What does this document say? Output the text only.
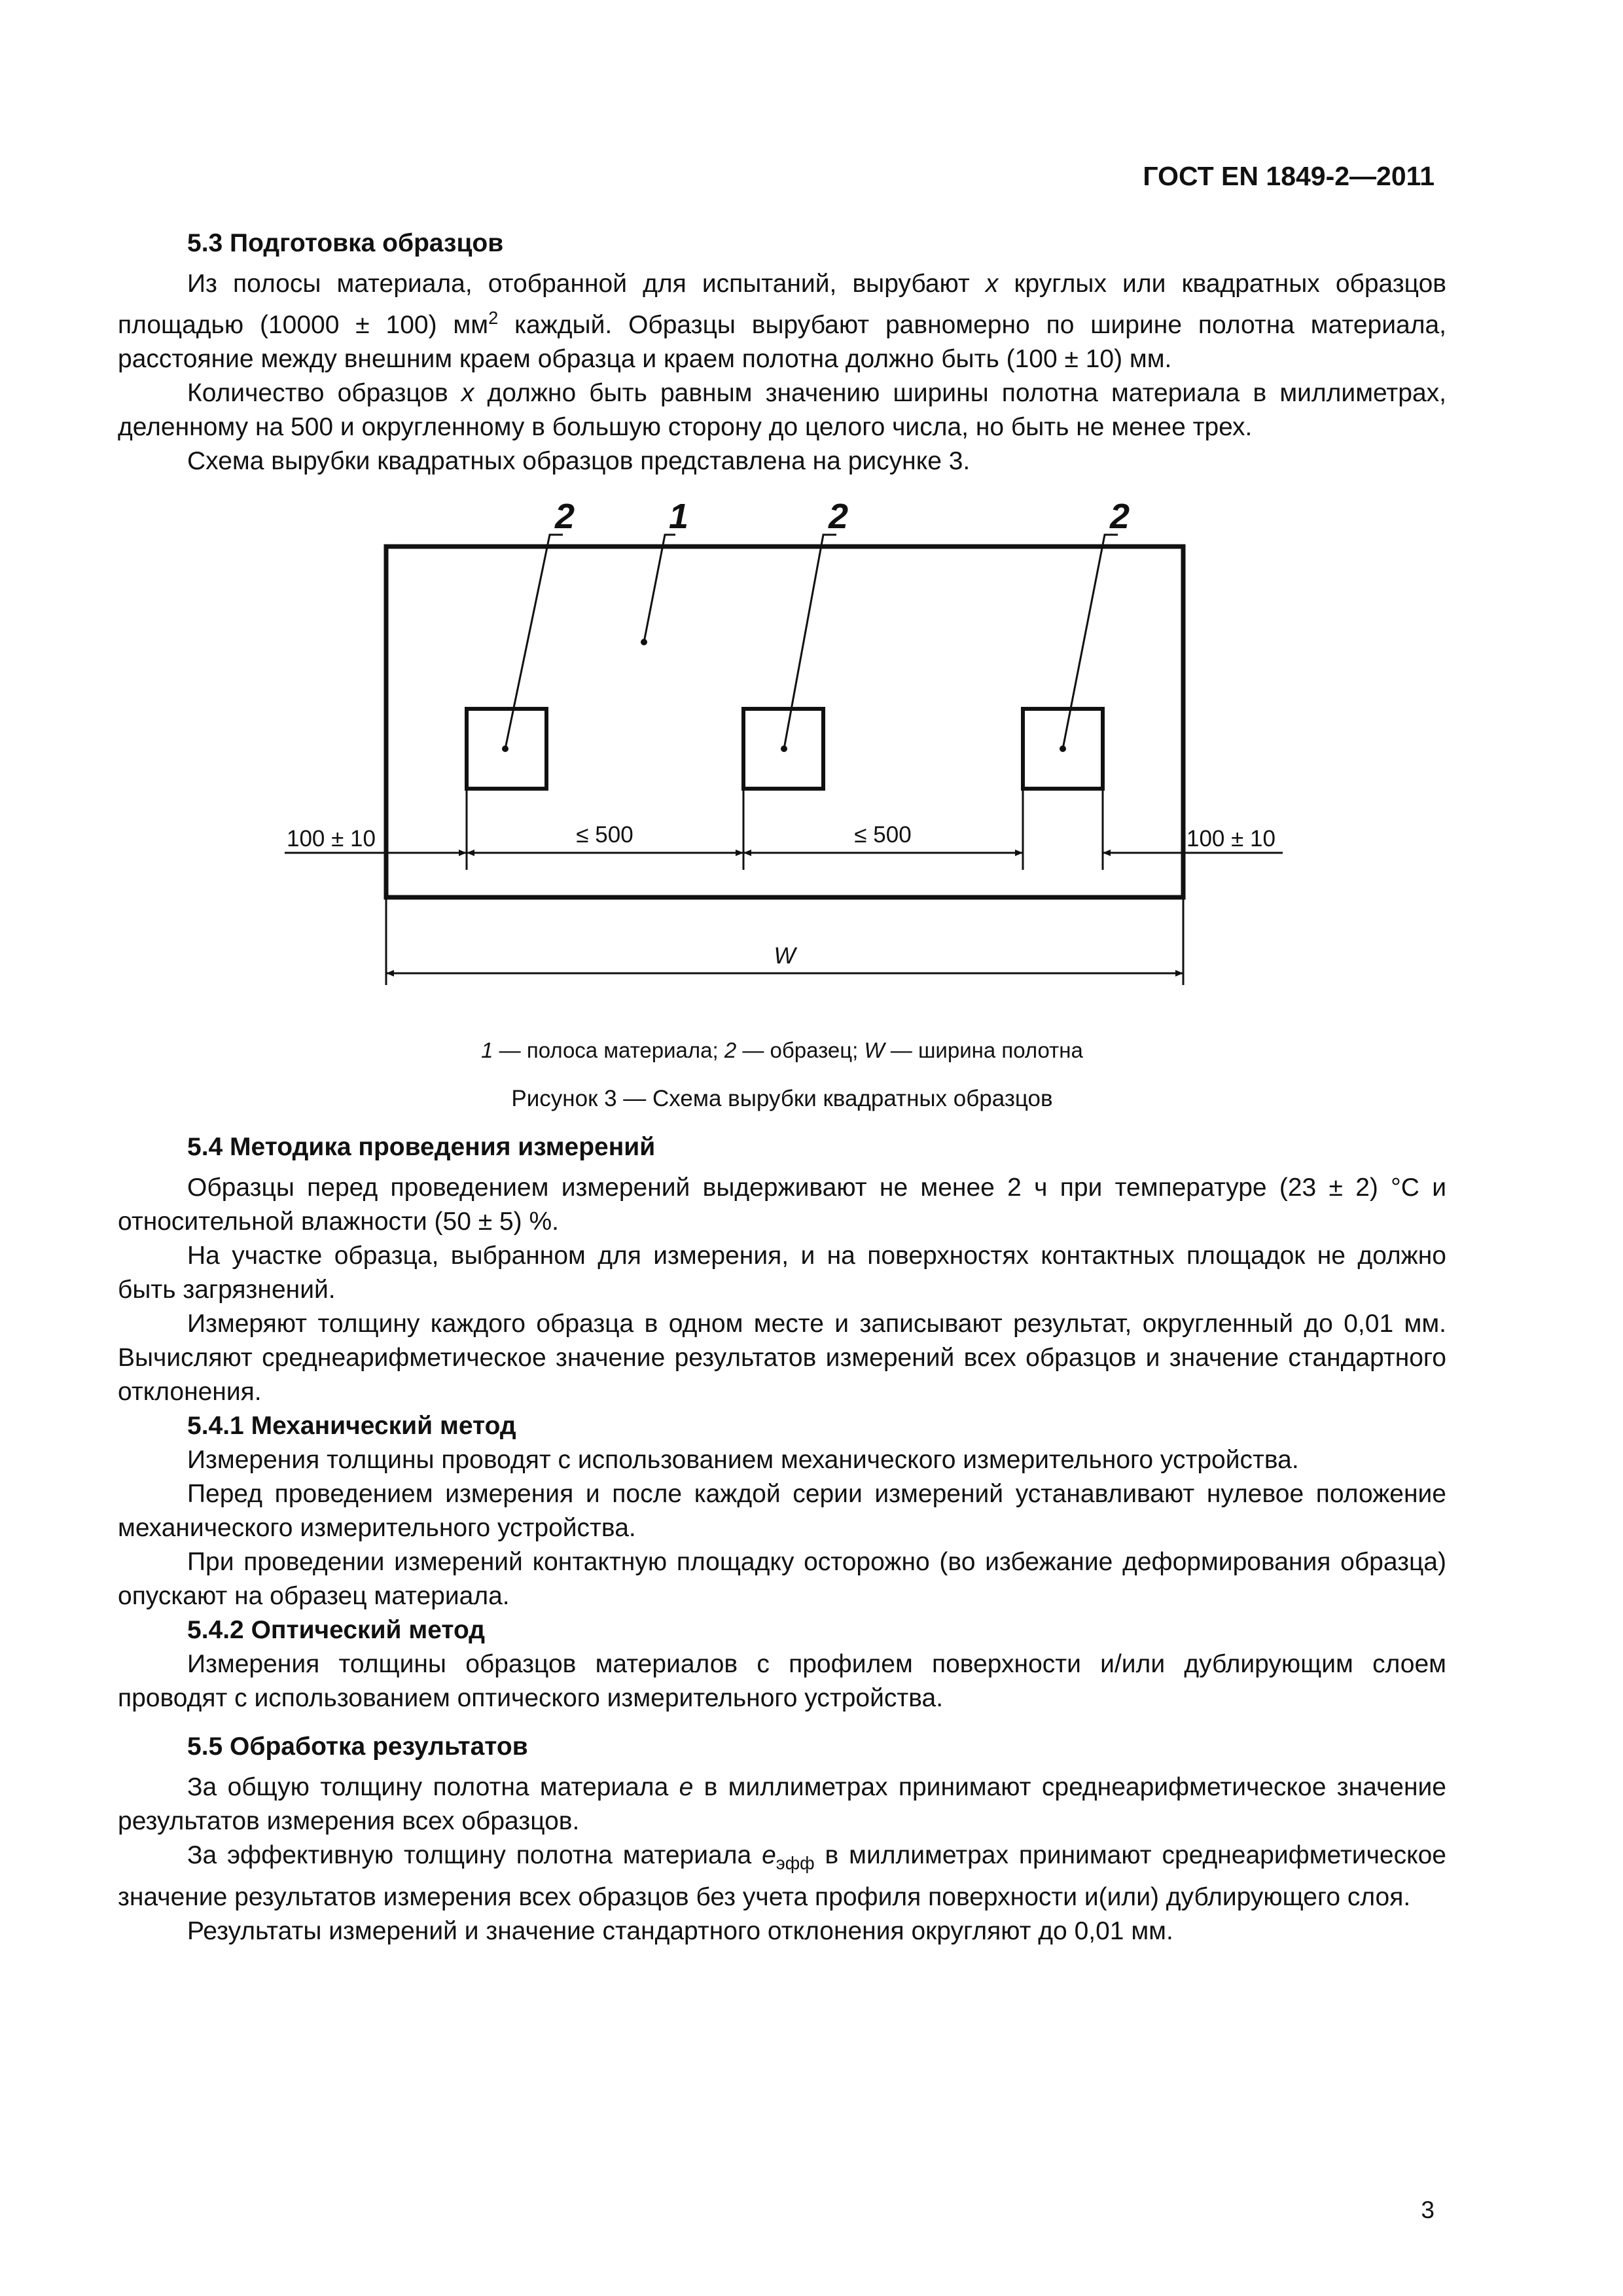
ГОСТ EN 1849-2—2011
5.3 Подготовка образцов

Из полосы материала, отобранной для испытаний, вырубают x круглых или квадратных образцов площадью (10000 ± 100) $мм^2$ каждый. Образцы вырубают равномерно по ширине полотна материала, расстояние между внешним краем образца и краем полотна должно быть (100 ± 10) мм.

Количество образцов x должно быть равным значению ширины полотна материала в миллиметрах, деленному на 500 и округленному в большую сторону до целого числа, но быть не менее трех.

Схема вырубки квадратных образцов представлена на рисунке 3.

2	1	2	2
100 ± 10	100 ± 10
≤ 500	≤ 500
W
1 — полоса материала; 2 — образец; W — ширина полотна
Рисунок 3 — Схема вырубки квадратных образцов
5.4 Методика проведения измерений

Образцы перед проведением измерений выдерживают не менее 2 ч при температуре (23 ± 2) °С и относительной влажности (50 ± 5) %.

На участке образца, выбранном для измерения, и на поверхностях контактных площадок не должно быть загрязнений.

Измеряют толщину каждого образца в одном месте и записывают результат, округленный до 0,01 мм. Вычисляют среднеарифметическое значение результатов измерений всех образцов и значение стандартного отклонения.

5.4.1 Механический метод

Измерения толщины проводят с использованием механического измерительного устройства.

Перед проведением измерения и после каждой серии измерений устанавливают нулевое положение механического измерительного устройства.

При проведении измерений контактную площадку осторожно (во избежание деформирования образца) опускают на образец материала.

5.4.2 Оптический метод

Измерения толщины образцов материалов с профилем поверхности и/или дублирующим слоем проводят с использованием оптического измерительного устройства.

5.5 Обработка результатов

За общую толщину полотна материала e в миллиметрах принимают среднеарифметическое значение результатов измерения всех образцов.

За эффективную толщину полотна материала $e_{эфф}$ в миллиметрах принимают среднеарифметическое значение результатов измерения всех образцов без учета профиля поверхности и(или) дублирующего слоя.

Результаты измерений и значение стандартного отклонения округляют до 0,01 мм.

3
